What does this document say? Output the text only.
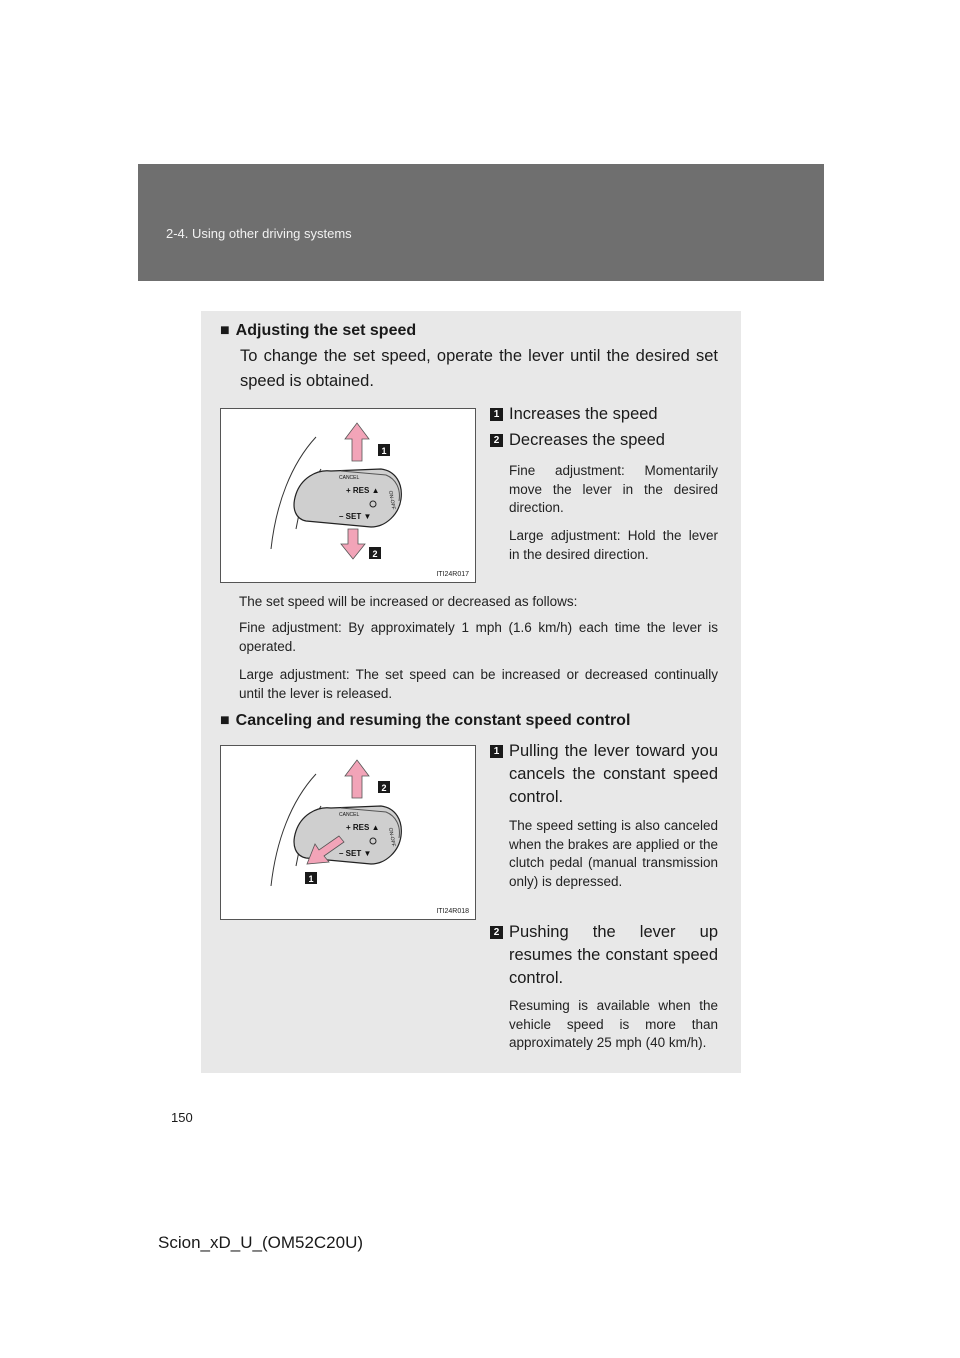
2-4. Using other driving systems
■ Adjusting the set speed
To change the set speed, operate the lever until the desired set speed is obtained.
CANCEL
+ RES ▲
– SET ▼
ON-OFF
1
2
ITI24R017
1 Increases the speed
2 Decreases the speed
Fine adjustment: Momentarily move the lever in the desired direction.
Large adjustment: Hold the lever in the desired direction.
The set speed will be increased or decreased as follows:
Fine adjustment: By approximately 1 mph (1.6 km/h) each time the lever is operated.
Large adjustment: The set speed can be increased or decreased continually until the lever is released.
■ Canceling and resuming the constant speed control
CANCEL
+ RES ▲
– SET ▼
ON-OFF
2
1
ITI24R018
1 Pulling the lever toward you cancels the constant speed control.
The speed setting is also canceled when the brakes are applied or the clutch pedal (manual transmission only) is depressed.
2 Pushing the lever up resumes the constant speed control.
Resuming is available when the vehicle speed is more than approximately 25 mph (40 km/h).
150
Scion_xD_U_(OM52C20U)
